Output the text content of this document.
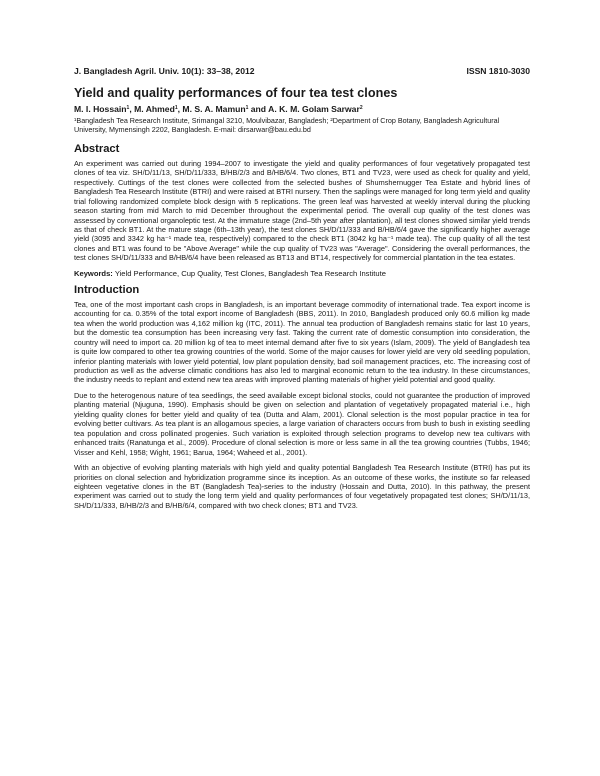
J. Bangladesh Agril. Univ. 10(1): 33–38, 2012	ISSN 1810-3030
Yield and quality performances of four tea test clones
M. I. Hossain$^1$, M. Ahmed$^1$, M. S. A. Mamun$^1$ and A. K. M. Golam Sarwar$^2$
¹Bangladesh Tea Research Institute, Srimangal 3210, Moulvibazar, Bangladesh; ²Department of Crop Botany, Bangladesh Agricultural University, Mymensingh 2202, Bangladesh. E-mail: dirsarwar@bau.edu.bd
Abstract
An experiment was carried out during 1994–2007 to investigate the yield and quality performances of four vegetatively propagated test clones of tea viz. SH/D/11/13, SH/D/11/333, B/HB/2/3 and B/HB/6/4. Two clones, BT1 and TV23, were used as check for quality and yield, respectively. Cuttings of the test clones were collected from the selected bushes of Shumshernugger Tea Estate and hybrid lines of Bangladesh Tea Research Institute (BTRI) and were raised at BTRI nursery. Then the saplings were managed for long term yield and quality trial following randomized complete block design with 5 replications. The green leaf was harvested at weekly interval during the plucking season starting from mid March to mid December throughout the experimental period. The overall cup quality of the test clones was assessed by conventional organoleptic test. At the immature stage (2nd–5th year after plantation), all test clones showed similar yield trends as that of check BT1. At the mature stage (6th–13th year), the test clones SH/D/11/333 and B/HB/6/4 gave the significantly higher average yield (3095 and 3342 kg ha⁻¹ made tea, respectively) compared to the check BT1 (3042 kg ha⁻¹ made tea). The cup quality of all the test clones and BT1 was found to be "Above Average" while the cup quality of TV23 was "Average". Considering the overall performances, the test clones SH/D/11/333 and B/HB/6/4 have been released as BT13 and BT14, respectively for commercial plantation in the tea estates.
Keywords: Yield Performance, Cup Quality, Test Clones, Bangladesh Tea Research Institute
Introduction
Tea, one of the most important cash crops in Bangladesh, is an important beverage commodity of international trade. Tea export income is accounting for ca. 0.35% of the total export income of Bangladesh (BBS, 2011). In 2010, Bangladesh produced only 60.6 million kg made tea when the world production was 4,162 million kg (ITC, 2011). The annual tea production of Bangladesh remains static for last 10 years, but the domestic tea consumption has been increasing very fast. Taking the current rate of domestic consumption into consideration, the country will need to import ca. 20 million kg of tea to meet internal demand after five to six years (Islam, 2009). The yield of Bangladesh tea is quite low compared to other tea growing countries of the world. Some of the major causes for lower yield are very old seedling population, inferior planting materials with lower yield potential, low plant population density, bad soil management practices, etc. The increasing cost of production as well as the adverse climatic conditions has also led to marginal economic return to the tea industry. In these circumstances, the industry needs to replant and extend new tea areas with improved planting materials of higher yield potential and good quality.
Due to the heterogenous nature of tea seedlings, the seed available except biclonal stocks, could not guarantee the production of improved planting material (Njuguna, 1990). Emphasis should be given on selection and plantation of vegetatively propagated material i.e., high yielding quality clones for better yield and quality of tea (Dutta and Alam, 2001). Clonal selection is the most popular practice in tea for evolving better cultivars. As tea plant is an allogamous species, a large variation of characters occurs from bush to bush in existing seedling tea population and cross pollinated progenies. Such variation is exploited through selection programs to develop new tea cultivars with enhanced traits (Ranatunga et al., 2009). Procedure of clonal selection is more or less same in all the tea growing countries (Tubbs, 1946; Visser and Kehl, 1958; Wight, 1961; Barua, 1964; Waheed et al., 2001).
With an objective of evolving planting materials with high yield and quality potential Bangladesh Tea Research Institute (BTRI) has put its priorities on clonal selection and hybridization programme since its inception. As an outcome of these works, the institute so far released eighteen vegetative clones in the BT (Bangladesh Tea)-series to the industry (Hossain and Dutta, 2010). In this pathway, the present experiment was carried out to study the long term yield and quality performances of four vegetatively propagated test clones; SH/D/11/13, SH/D/11/333, B/HB/2/3 and B/HB/6/4, compared with two check clones; BT1 and TV23.
